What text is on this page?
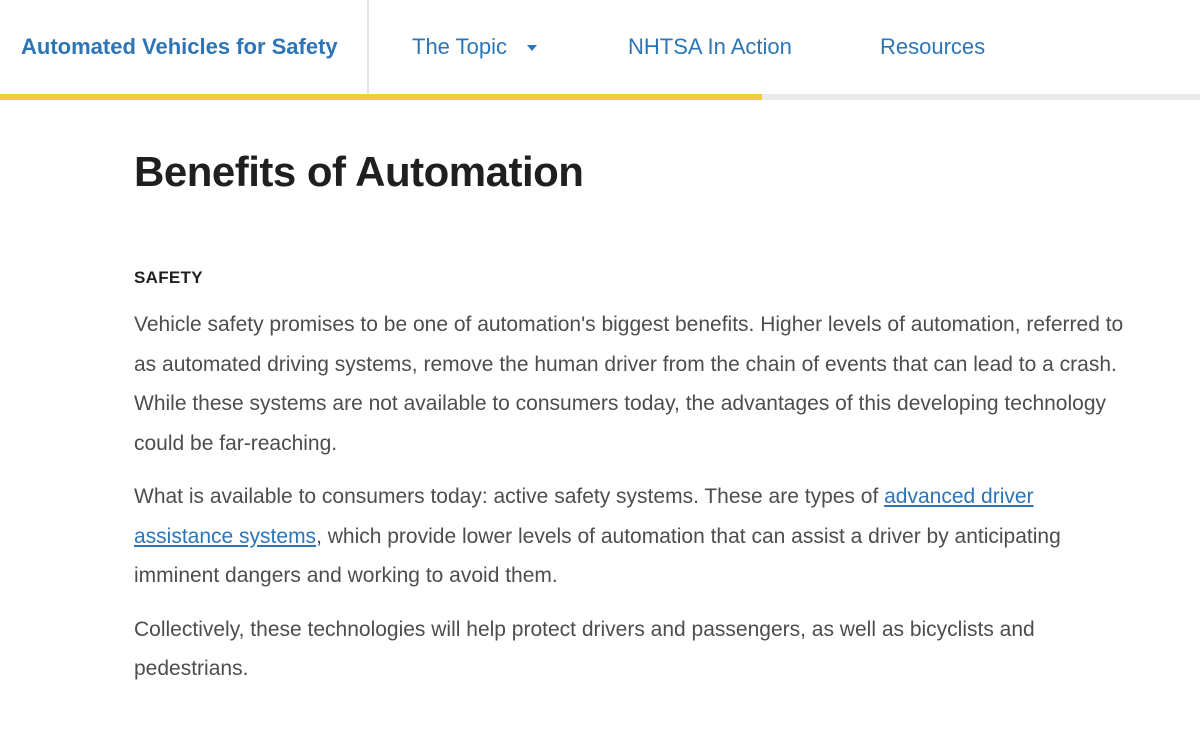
Automated Vehicles for Safety	The Topic	NHTSA In Action	Resources
Benefits of Automation
SAFETY

Vehicle safety promises to be one of automation's biggest benefits. Higher levels of automation, referred to as automated driving systems, remove the human driver from the chain of events that can lead to a crash. While these systems are not available to consumers today, the advantages of this developing technology could be far-reaching.

What is available to consumers today: active safety systems. These are types of advanced driver assistance systems, which provide lower levels of automation that can assist a driver by anticipating imminent dangers and working to avoid them.

Collectively, these technologies will help protect drivers and passengers, as well as bicyclists and pedestrians.
